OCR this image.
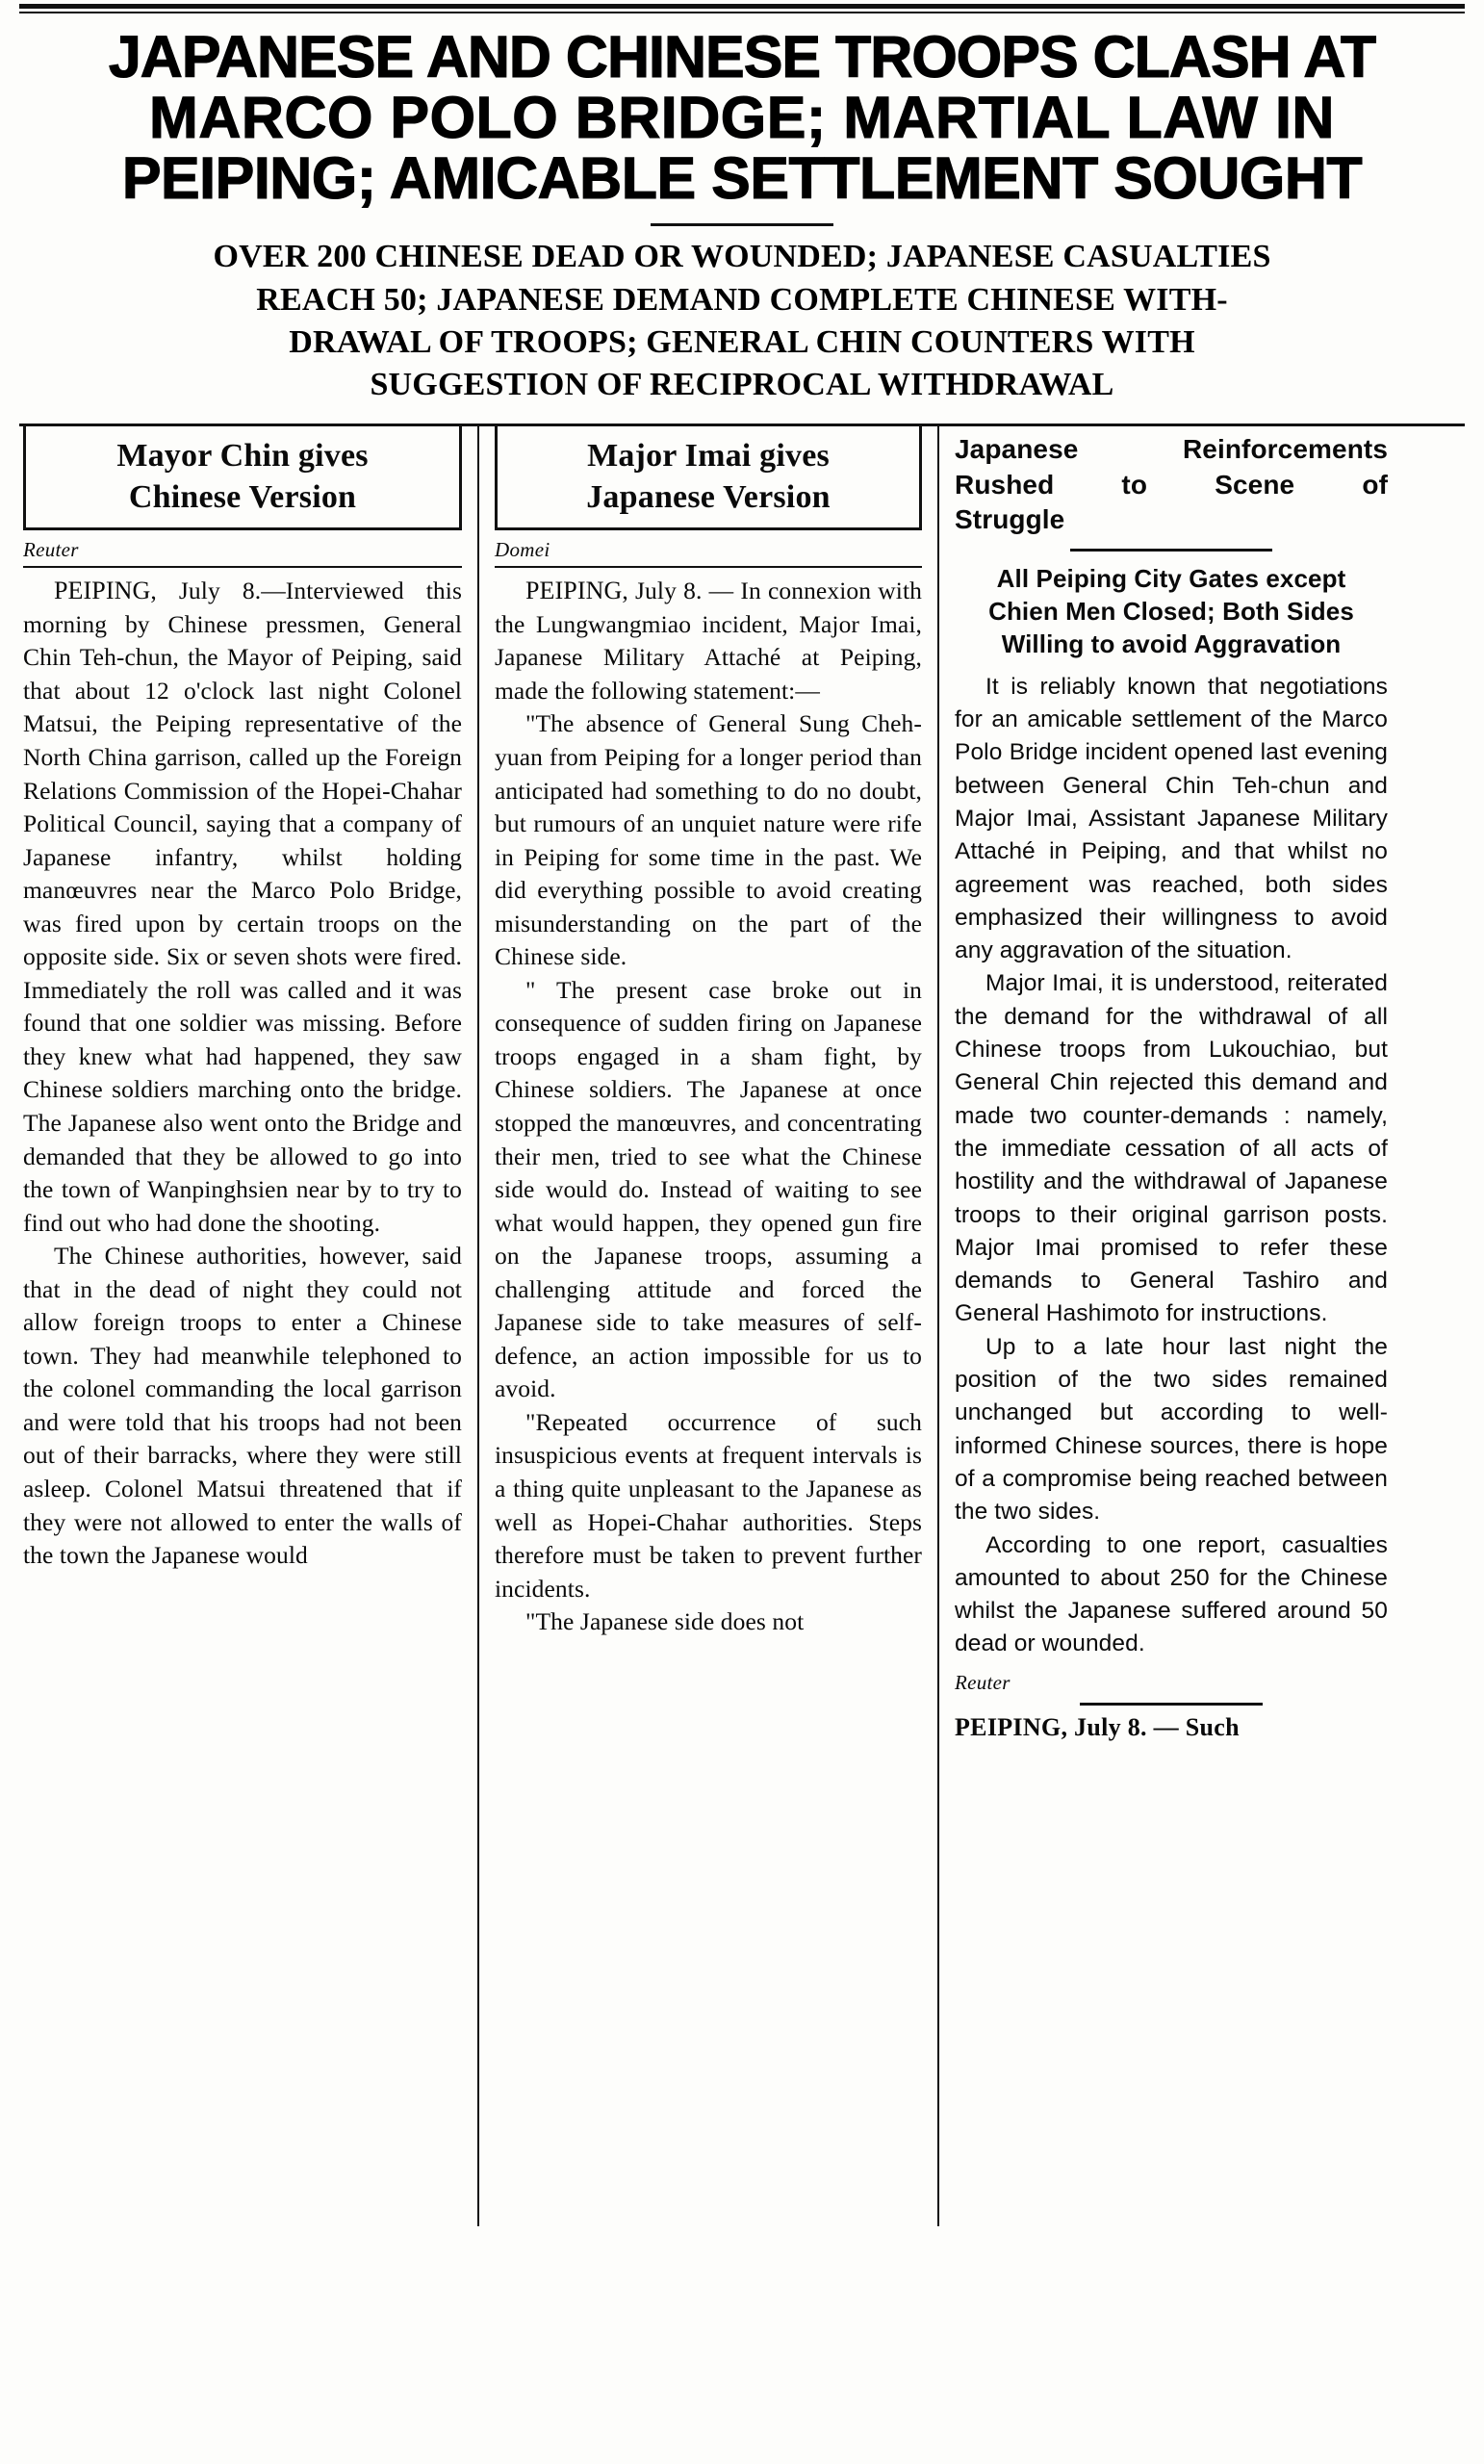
JAPANESE AND CHINESE TROOPS CLASH AT
MARCO POLO BRIDGE; MARTIAL LAW IN
PEIPING; AMICABLE SETTLEMENT SOUGHT
OVER 200 CHINESE DEAD OR WOUNDED; JAPANESE CASUALTIES
REACH 50; JAPANESE DEMAND COMPLETE CHINESE WITH-
DRAWAL OF TROOPS; GENERAL CHIN COUNTERS WITH
SUGGESTION OF RECIPROCAL WITHDRAWAL
Mayor Chin gives
Chinese Version
Reuter

PEIPING, July 8.—Interviewed this morning by Chinese pressmen, General Chin Teh-chun, the Mayor of Peiping, said that about 12 o'clock last night Colonel Matsui, the Peiping representative of the North China garrison, called up the Foreign Relations Commission of the Hopei-Chahar Political Council, saying that a company of Japanese infantry, whilst holding manœuvres near the Marco Polo Bridge, was fired upon by certain troops on the opposite side. Six or seven shots were fired. Immediately the roll was called and it was found that one soldier was missing. Before they knew what had happened, they saw Chinese soldiers marching onto the bridge. The Japanese also went onto the Bridge and demanded that they be allowed to go into the town of Wanpinghsien near by to try to find out who had done the shooting.

The Chinese authorities, however, said that in the dead of night they could not allow foreign troops to enter a Chinese town. They had meanwhile telephoned to the colonel commanding the local garrison and were told that his troops had not been out of their barracks, where they were still asleep. Colonel Matsui threatened that if they were not allowed to enter the walls of the town the Japanese would

Major Imai gives
Japanese Version
Domei

PEIPING, July 8. — In connexion with the Lungwangmiao incident, Major Imai, Japanese Military Attaché at Peiping, made the following statement:—

"The absence of General Sung Cheh-yuan from Peiping for a longer period than anticipated had something to do no doubt, but rumours of an unquiet nature were rife in Peiping for some time in the past. We did everything possible to avoid creating misunderstanding on the part of the Chinese side.

" The present case broke out in consequence of sudden firing on Japanese troops engaged in a sham fight, by Chinese soldiers. The Japanese at once stopped the manœuvres, and concentrating their men, tried to see what the Chinese side would do. Instead of waiting to see what would happen, they opened gun fire on the Japanese troops, assuming a challenging attitude and forced the Japanese side to take measures of self-defence, an action impossible for us to avoid.

"Repeated occurrence of such insuspicious events at frequent intervals is a thing quite unpleasant to the Japanese as well as Hopei-Chahar authorities. Steps therefore must be taken to prevent further incidents.

"The Japanese side does not

Japanese Reinforcements
Rushed to Scene of
Struggle
All Peiping City Gates except
Chien Men Closed; Both Sides
Willing to avoid Aggravation

It is reliably known that negotiations for an amicable settlement of the Marco Polo Bridge incident opened last evening between General Chin Teh-chun and Major Imai, Assistant Japanese Military Attaché in Peiping, and that whilst no agreement was reached, both sides emphasized their willingness to avoid any aggravation of the situation.

Major Imai, it is understood, reiterated the demand for the withdrawal of all Chinese troops from Lukouchiao, but General Chin rejected this demand and made two counter-demands : namely, the immediate cessation of all acts of hostility and the withdrawal of Japanese troops to their original garrison posts. Major Imai promised to refer these demands to General Tashiro and General Hashimoto for instructions.

Up to a late hour last night the position of the two sides remained unchanged but according to well-informed Chinese sources, there is hope of a compromise being reached between the two sides.

According to one report, casualties amounted to about 250 for the Chinese whilst the Japanese suffered around 50 dead or wounded.

Reuter
PEIPING, July 8. — Such
